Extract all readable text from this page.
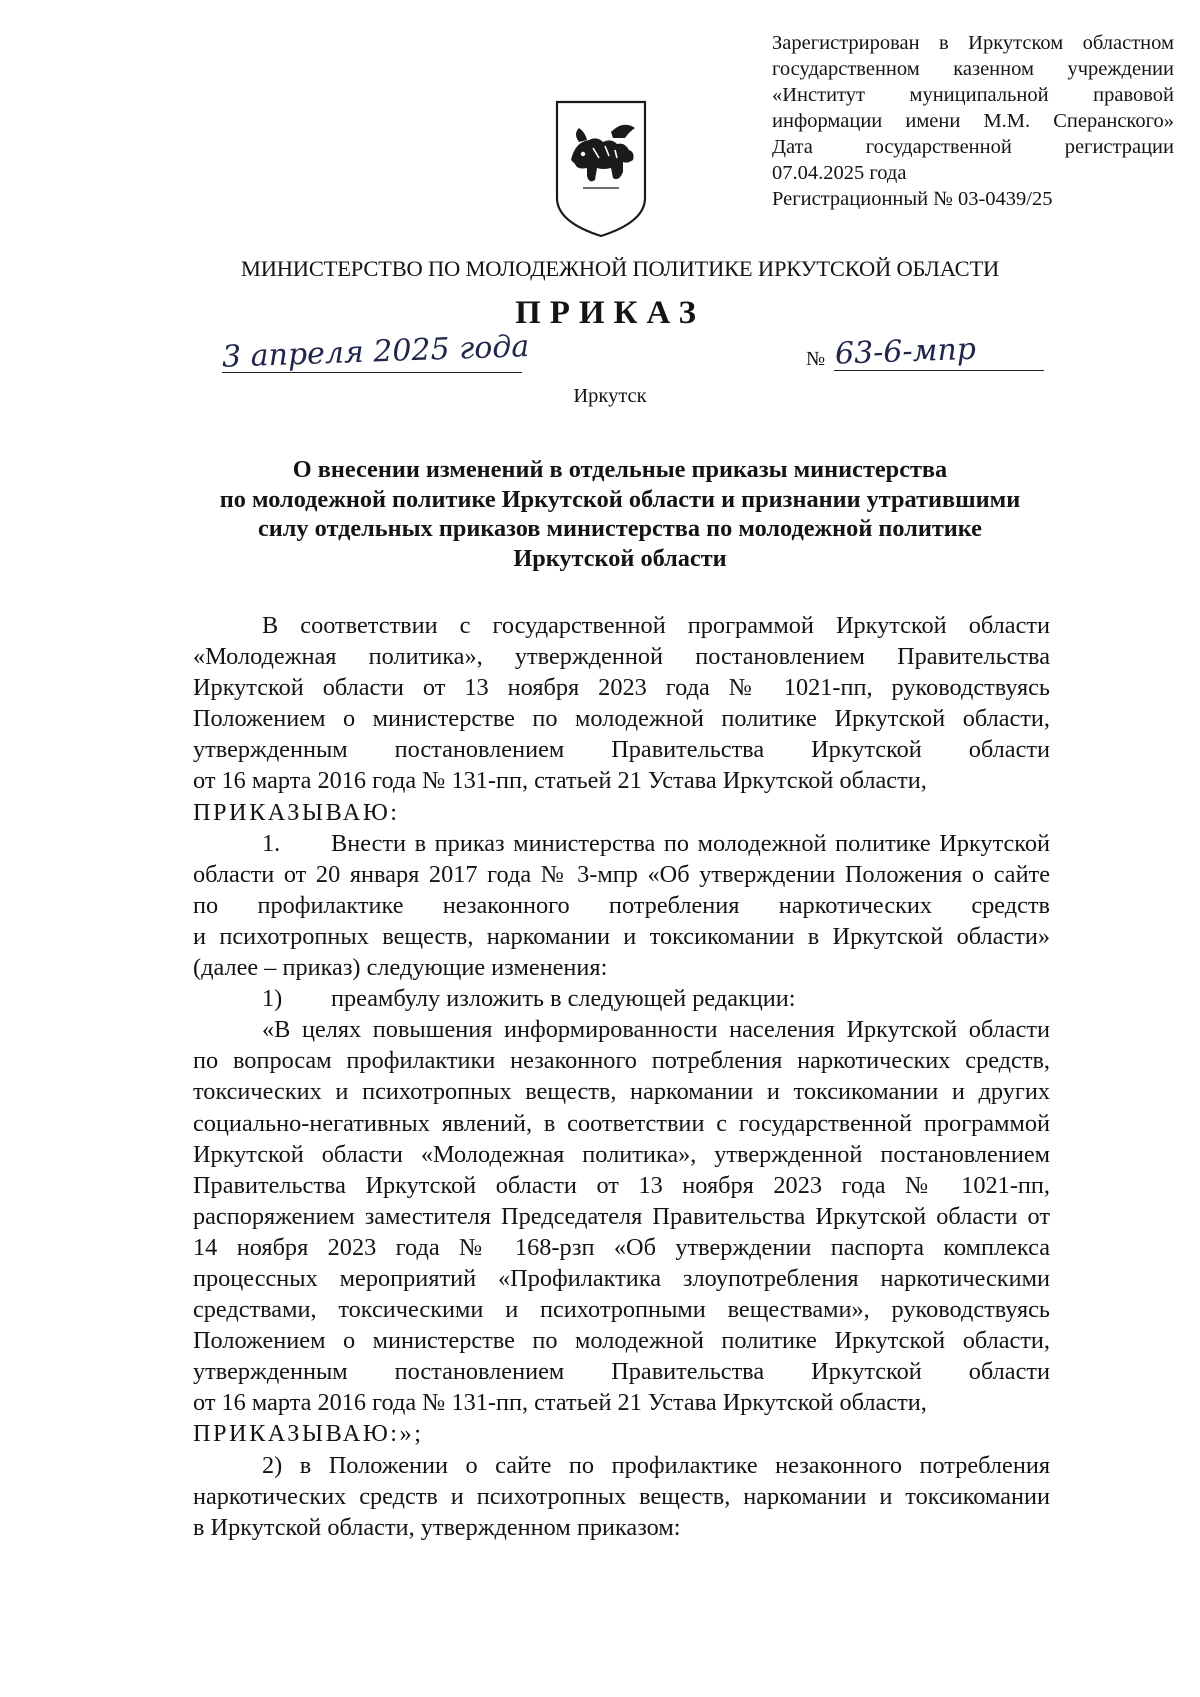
Зарегистрирован в Иркутском областном
государственном казенном учреждении
«Институт муниципальной правовой
информации имени М.М. Сперанского»
Дата государственной регистрации
07.04.2025 года
Регистрационный № 03-0439/25
МИНИСТЕРСТВО ПО МОЛОДЕЖНОЙ ПОЛИТИКЕ ИРКУТСКОЙ ОБЛАСТИ
ПРИКАЗ
3 апреля 2025 года	№ 63-6-мпр
Иркутск
О внесении изменений в отдельные приказы министерства
по молодежной политике Иркутской области и признании утратившими
силу отдельных приказов министерства по молодежной политике
Иркутской области
В соответствии с государственной программой Иркутской области
«Молодежная политика», утвержденной постановлением Правительства
Иркутской области от 13 ноября 2023 года № 1021-пп, руководствуясь
Положением о министерстве по молодежной политике Иркутской области,
утвержденным постановлением Правительства Иркутской области
от 16 марта 2016 года № 131-пп, статьей 21 Устава Иркутской области,
ПРИКАЗЫВАЮ:
1. Внести в приказ министерства по молодежной политике Иркутской
области от 20 января 2017 года № 3-мпр «Об утверждении Положения о сайте
по профилактике незаконного потребления наркотических средств
и психотропных веществ, наркомании и токсикомании в Иркутской области»
(далее – приказ) следующие изменения:
1) преамбулу изложить в следующей редакции:
«В целях повышения информированности населения Иркутской области
по вопросам профилактики незаконного потребления наркотических средств,
токсических и психотропных веществ, наркомании и токсикомании и других
социально-негативных явлений, в соответствии с государственной программой
Иркутской области «Молодежная политика», утвержденной постановлением
Правительства Иркутской области от 13 ноября 2023 года № 1021-пп,
распоряжением заместителя Председателя Правительства Иркутской области от
14 ноября 2023 года № 168-рзп «Об утверждении паспорта комплекса
процессных мероприятий «Профилактика злоупотребления наркотическими
средствами, токсическими и психотропными веществами», руководствуясь
Положением о министерстве по молодежной политике Иркутской области,
утвержденным постановлением Правительства Иркутской области
от 16 марта 2016 года № 131-пп, статьей 21 Устава Иркутской области,
ПРИКАЗЫВАЮ:»;
2) в Положении о сайте по профилактике незаконного потребления
наркотических средств и психотропных веществ, наркомании и токсикомании
в Иркутской области, утвержденном приказом:
